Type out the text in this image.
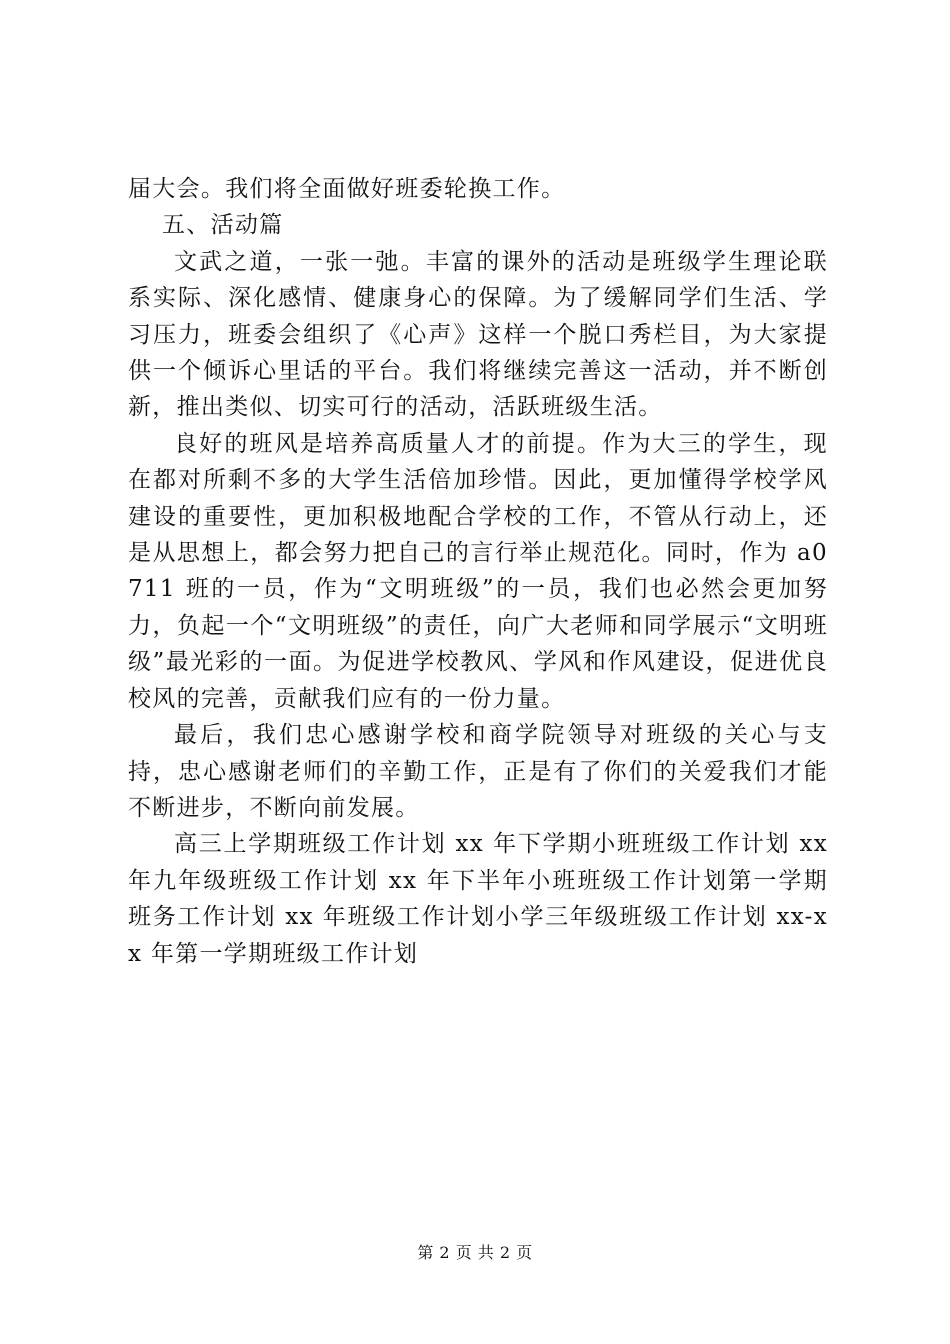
届大会。我们将全面做好班委轮换工作。

五、活动篇

文武之道，一张一弛。丰富的课外的活动是班级学生理论联系实际、深化感情、健康身心的保障。为了缓解同学们生活、学习压力，班委会组织了《心声》这样一个脱口秀栏目，为大家提供一个倾诉心里话的平台。我们将继续完善这一活动，并不断创新，推出类似、切实可行的活动，活跃班级生活。

良好的班风是培养高质量人才的前提。作为大三的学生，现在都对所剩不多的大学生活倍加珍惜。因此，更加懂得学校学风建设的重要性，更加积极地配合学校的工作，不管从行动上，还是从思想上，都会努力把自己的言行举止规范化。同时，作为 a0711 班的一员，作为“文明班级”的一员，我们也必然会更加努力，负起一个“文明班级”的责任，向广大老师和同学展示“文明班级”最光彩的一面。为促进学校教风、学风和作风建设，促进优良校风的完善，贡献我们应有的一份力量。

最后，我们忠心感谢学校和商学院领导对班级的关心与支持，忠心感谢老师们的辛勤工作，正是有了你们的关爱我们才能不断进步，不断向前发展。

高三上学期班级工作计划 xx 年下学期小班班级工作计划 xx 年九年级班级工作计划 xx 年下半年小班班级工作计划第一学期班务工作计划 xx 年班级工作计划小学三年级班级工作计划 xx-xx 年第一学期班级工作计划

第 2 页 共 2 页
